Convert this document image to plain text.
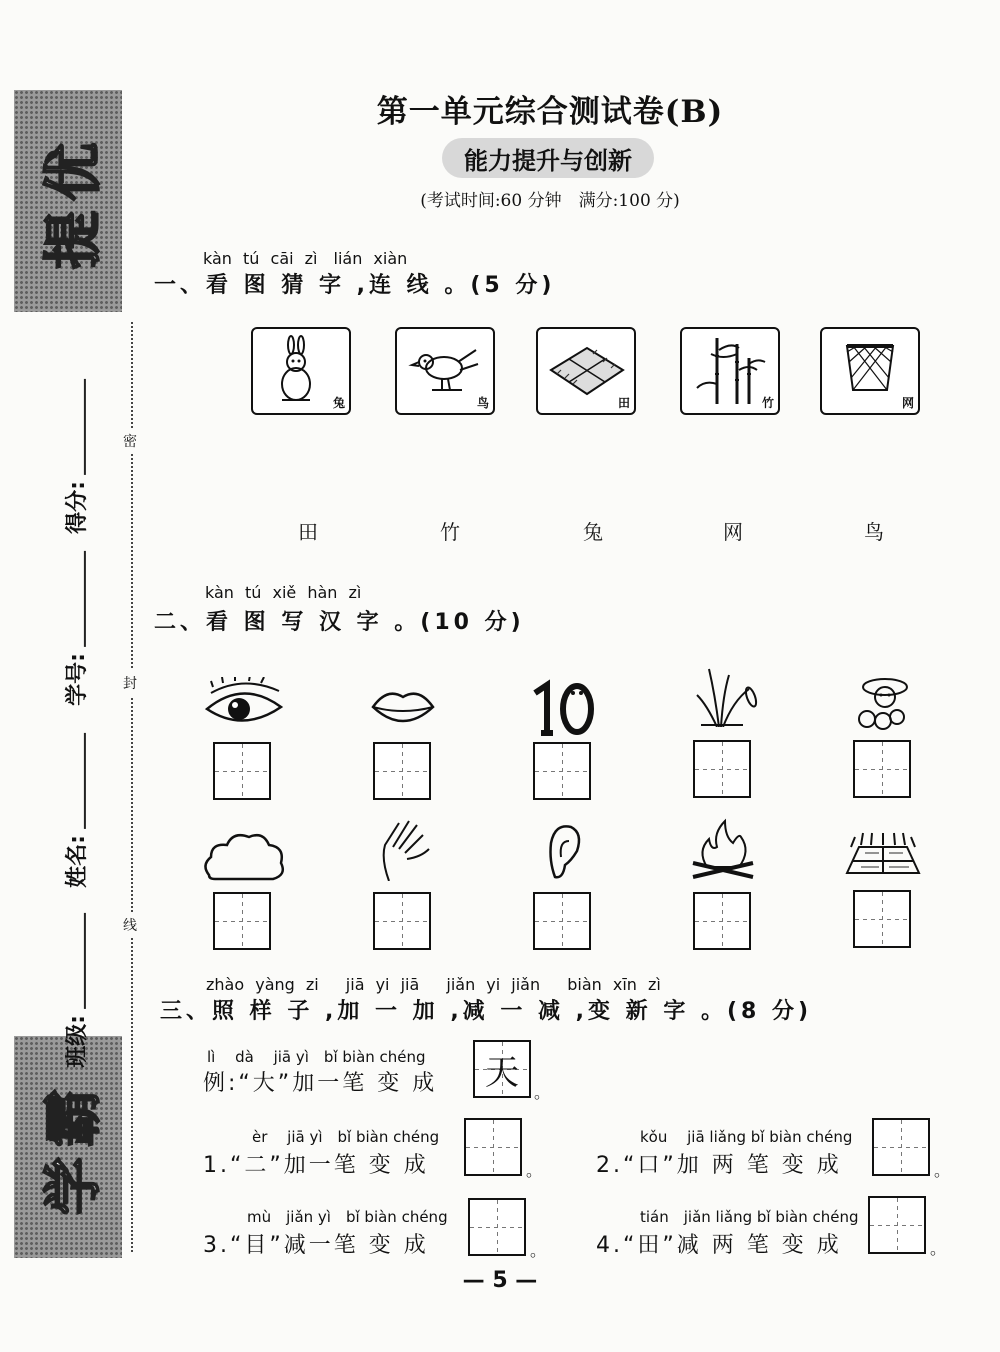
提优
学霸
得分:
学号:
姓名:
班级:
密
封
线
第一单元综合测试卷(B)
能力提升与创新
(考试时间:60 分钟　满分:100 分)
kàn tú cāi zì　lián xiàn
一、看 图 猜 字 ,连 线 。(5 分)
兔	鸟	田	竹	网
田	竹	兔	网	鸟
kàn tú xiě hàn zì
二、看 图 写 汉 字 。(10 分)
zhào yàng zi　 jiā yi jiā　 jiǎn yi jiǎn　 biàn xīn zì
三、照 样 子 ,加 一 加 ,减 一 减 ,变 新 字 。(8 分)
lì　 dà　 jiā yì　bǐ biàn chéng
例:“大”加一笔 变 成 天 。
èr　 jiā yì　bǐ biàn chéng
1.“二”加一笔 变 成	。
kǒu　 jiā liǎng bǐ biàn chéng
2.“口”加 两 笔 变 成	。
mù　jiǎn yì　bǐ biàn chéng
3.“目”减一笔 变 成	。
tián　jiǎn liǎng bǐ biàn chéng
4.“田”减 两 笔 变 成	。
— 5 —
